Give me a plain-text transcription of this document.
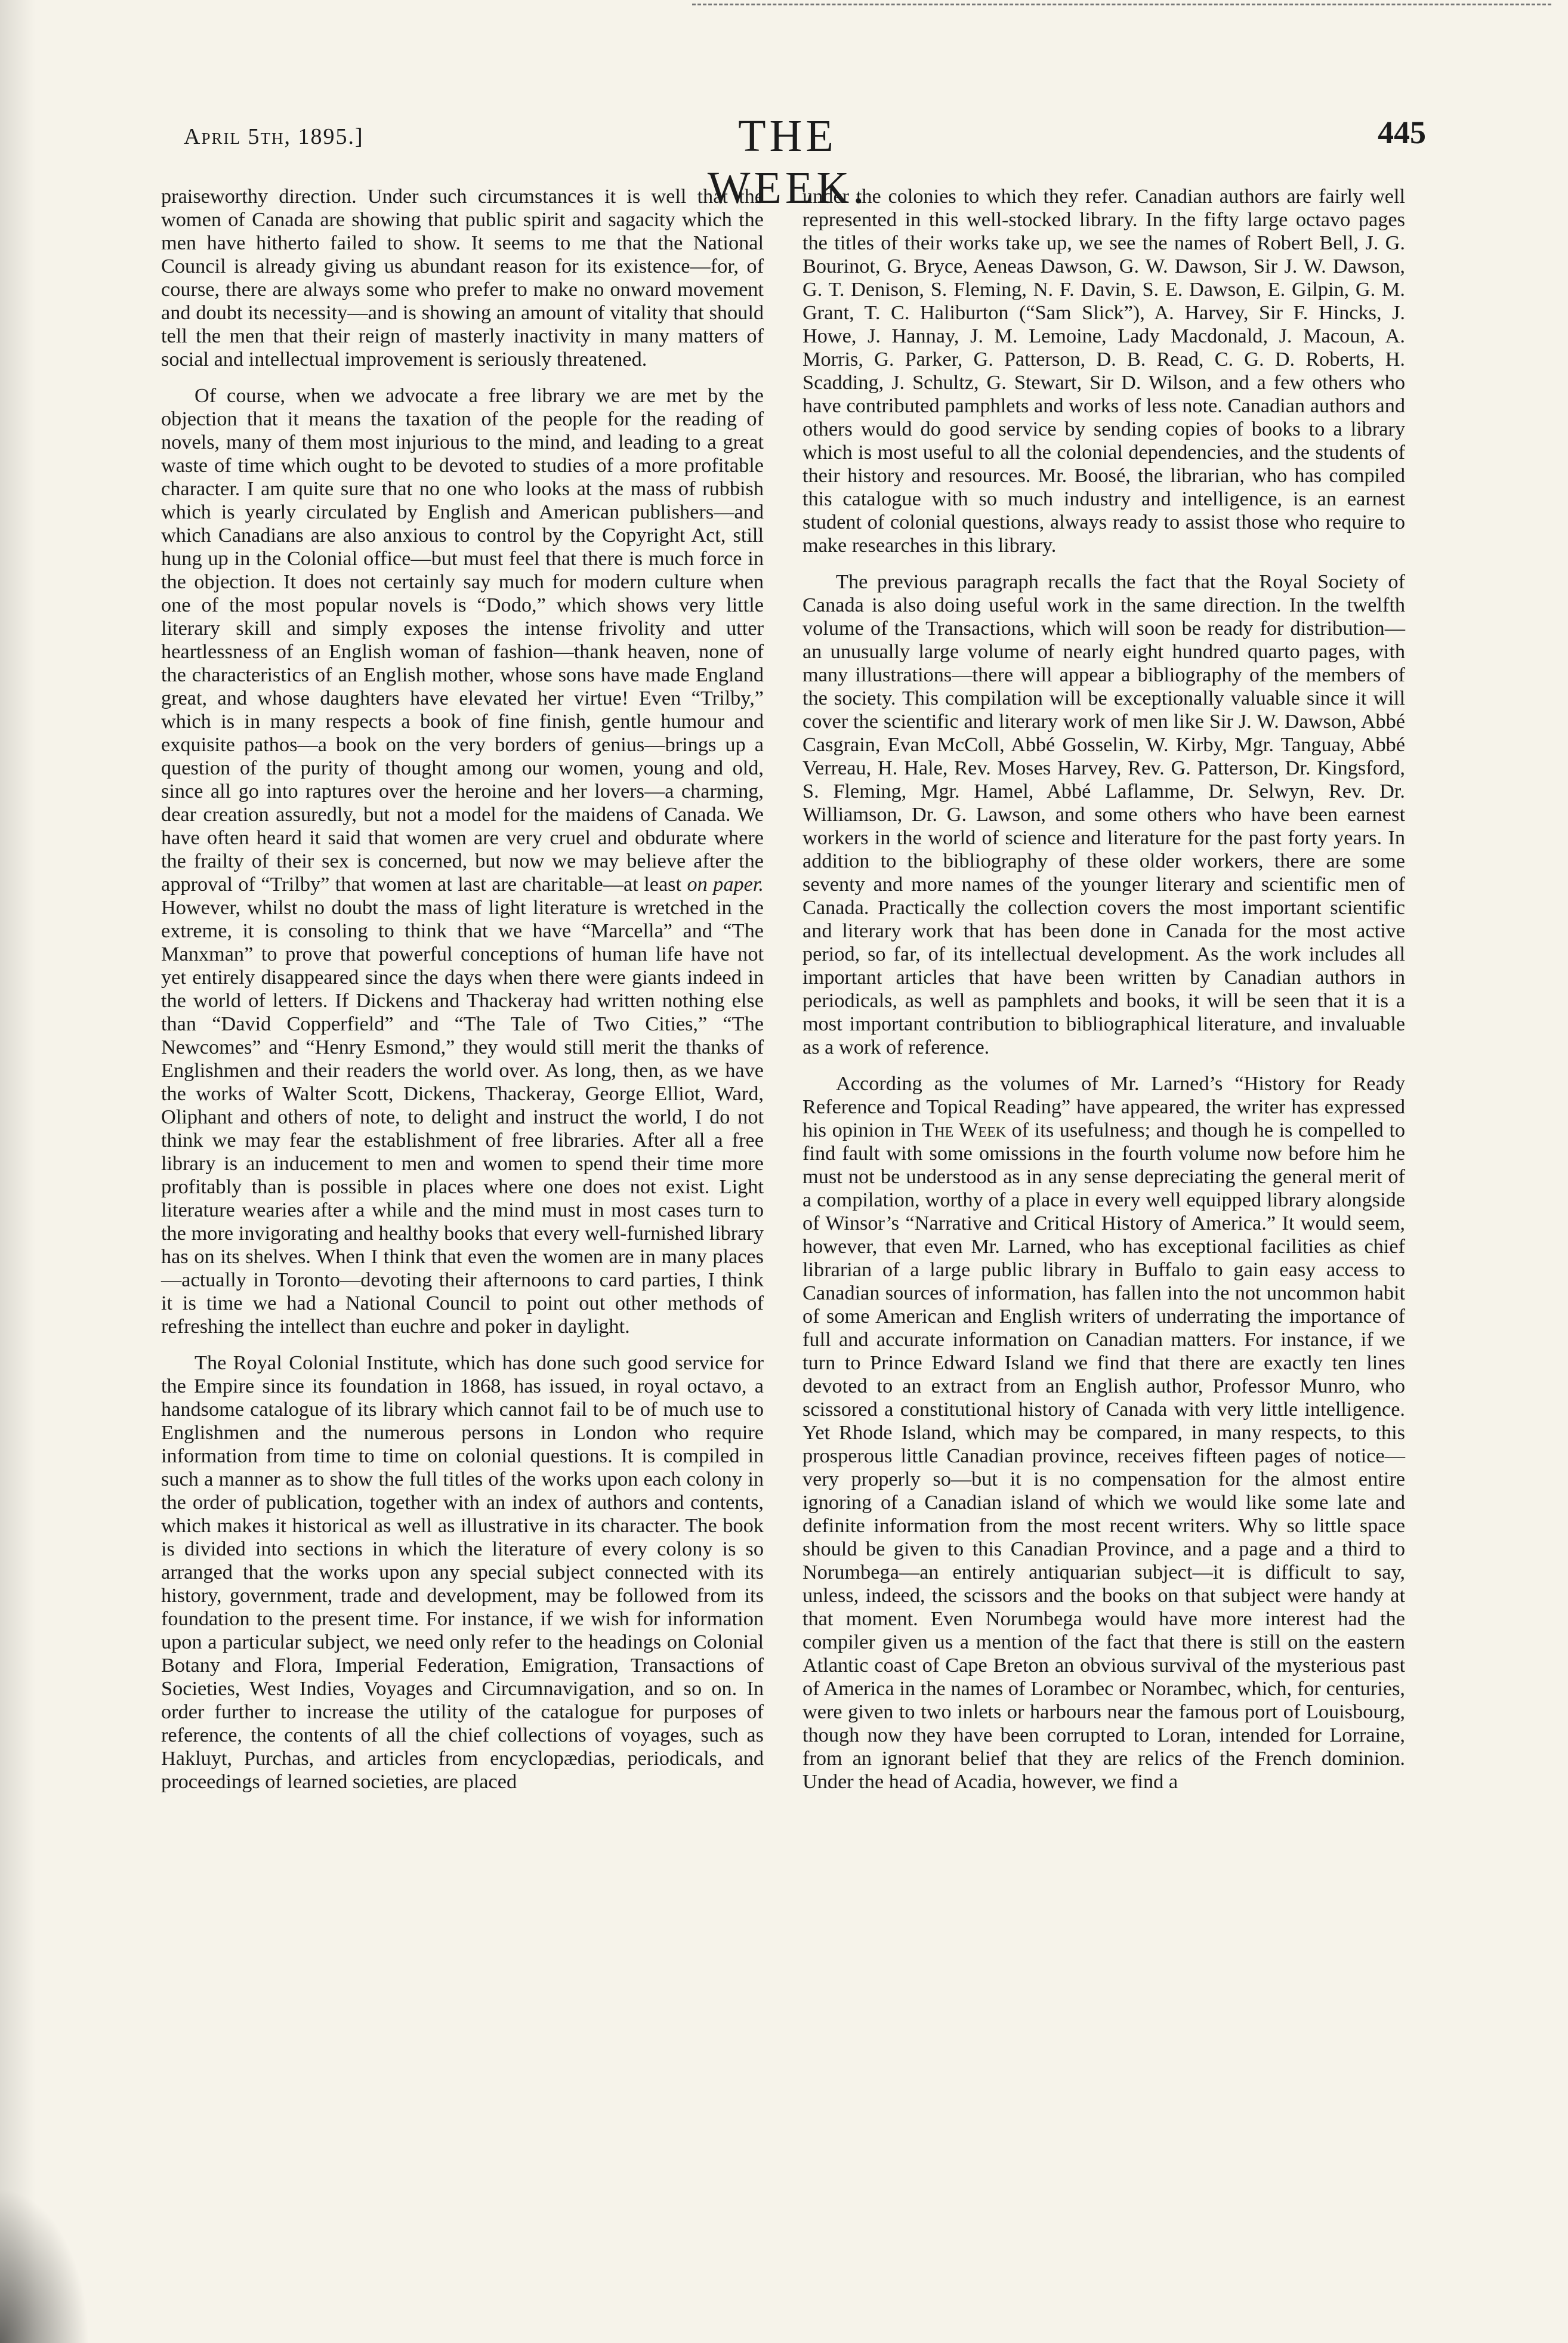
April 5th, 1895.]	THE WEEK.
445

praiseworthy direction. Under such circumstances it is well that the women of Canada are showing that public spirit and sagacity which the men have hitherto failed to show. It seems to me that the National Council is already giving us abundant reason for its existence—for, of course, there are always some who prefer to make no onward movement and doubt its necessity—and is showing an amount of vitality that should tell the men that their reign of masterly inactivity in many matters of social and intellectual improvement is seriously threatened.

Of course, when we advocate a free library we are met by the objection that it means the taxation of the people for the reading of novels, many of them most injurious to the mind, and leading to a great waste of time which ought to be devoted to studies of a more profitable character. I am quite sure that no one who looks at the mass of rubbish which is yearly circulated by English and American publishers—and which Canadians are also anxious to control by the Copyright Act, still hung up in the Colonial office—but must feel that there is much force in the objection. It does not certainly say much for modern culture when one of the most popular novels is “Dodo,” which shows very little literary skill and simply exposes the intense frivolity and utter heartlessness of an English woman of fashion—thank heaven, none of the characteristics of an English mother, whose sons have made England great, and whose daughters have elevated her virtue! Even “Trilby,” which is in many respects a book of fine finish, gentle humour and exquisite pathos—a book on the very borders of genius—brings up a question of the purity of thought among our women, young and old, since all go into raptures over the heroine and her lovers—a charming, dear creation assuredly, but not a model for the maidens of Canada. We have often heard it said that women are very cruel and obdurate where the frailty of their sex is concerned, but now we may believe after the approval of “Trilby” that women at last are charitable—at least on paper. However, whilst no doubt the mass of light literature is wretched in the extreme, it is consoling to think that we have “Marcella” and “The Manxman” to prove that powerful conceptions of human life have not yet entirely disappeared since the days when there were giants indeed in the world of letters. If Dickens and Thackeray had written nothing else than “David Copperfield” and “The Tale of Two Cities,” “The Newcomes” and “Henry Esmond,” they would still merit the thanks of Englishmen and their readers the world over. As long, then, as we have the works of Walter Scott, Dickens, Thackeray, George Elliot, Ward, Oliphant and others of note, to delight and instruct the world, I do not think we may fear the establishment of free libraries. After all a free library is an inducement to men and women to spend their time more profitably than is possible in places where one does not exist. Light literature wearies after a while and the mind must in most cases turn to the more invigorating and healthy books that every well-furnished library has on its shelves. When I think that even the women are in many places—actually in Toronto—devoting their afternoons to card parties, I think it is time we had a National Council to point out other methods of refreshing the intellect than euchre and poker in daylight.

The Royal Colonial Institute, which has done such good service for the Empire since its foundation in 1868, has issued, in royal octavo, a handsome catalogue of its library which cannot fail to be of much use to Englishmen and the numerous persons in London who require information from time to time on colonial questions. It is compiled in such a manner as to show the full titles of the works upon each colony in the order of publication, together with an index of authors and contents, which makes it historical as well as illustrative in its character. The book is divided into sections in which the literature of every colony is so arranged that the works upon any special subject connected with its history, government, trade and development, may be followed from its foundation to the present time. For instance, if we wish for information upon a particular subject, we need only refer to the headings on Colonial Botany and Flora, Imperial Federation, Emigration, Transactions of Societies, West Indies, Voyages and Circumnavigation, and so on. In order further to increase the utility of the catalogue for purposes of reference, the contents of all the chief collections of voyages, such as Hakluyt, Purchas, and articles from encyclopædias, periodicals, and proceedings of learned societies, are placed

under the colonies to which they refer. Canadian authors are fairly well represented in this well-stocked library. In the fifty large octavo pages the titles of their works take up, we see the names of Robert Bell, J. G. Bourinot, G. Bryce, Aeneas Dawson, G. W. Dawson, Sir J. W. Dawson, G. T. Denison, S. Fleming, N. F. Davin, S. E. Dawson, E. Gilpin, G. M. Grant, T. C. Haliburton (“Sam Slick”), A. Harvey, Sir F. Hincks, J. Howe, J. Hannay, J. M. Lemoine, Lady Macdonald, J. Macoun, A. Morris, G. Parker, G. Patterson, D. B. Read, C. G. D. Roberts, H. Scadding, J. Schultz, G. Stewart, Sir D. Wilson, and a few others who have contributed pamphlets and works of less note. Canadian authors and others would do good service by sending copies of books to a library which is most useful to all the colonial dependencies, and the students of their history and resources. Mr. Boosé, the librarian, who has compiled this catalogue with so much industry and intelligence, is an earnest student of colonial questions, always ready to assist those who require to make researches in this library.

The previous paragraph recalls the fact that the Royal Society of Canada is also doing useful work in the same direction. In the twelfth volume of the Transactions, which will soon be ready for distribution—an unusually large volume of nearly eight hundred quarto pages, with many illustrations—there will appear a bibliography of the members of the society. This compilation will be exceptionally valuable since it will cover the scientific and literary work of men like Sir J. W. Dawson, Abbé Casgrain, Evan McColl, Abbé Gosselin, W. Kirby, Mgr. Tanguay, Abbé Verreau, H. Hale, Rev. Moses Harvey, Rev. G. Patterson, Dr. Kingsford, S. Fleming, Mgr. Hamel, Abbé Laflamme, Dr. Selwyn, Rev. Dr. Williamson, Dr. G. Lawson, and some others who have been earnest workers in the world of science and literature for the past forty years. In addition to the bibliography of these older workers, there are some seventy and more names of the younger literary and scientific men of Canada. Practically the collection covers the most important scientific and literary work that has been done in Canada for the most active period, so far, of its intellectual development. As the work includes all important articles that have been written by Canadian authors in periodicals, as well as pamphlets and books, it will be seen that it is a most important contribution to bibliographical literature, and invaluable as a work of reference.

According as the volumes of Mr. Larned’s “History for Ready Reference and Topical Reading” have appeared, the writer has expressed his opinion in The Week of its usefulness; and though he is compelled to find fault with some omissions in the fourth volume now before him he must not be understood as in any sense depreciating the general merit of a compilation, worthy of a place in every well equipped library alongside of Winsor’s “Narrative and Critical History of America.” It would seem, however, that even Mr. Larned, who has exceptional facilities as chief librarian of a large public library in Buffalo to gain easy access to Canadian sources of information, has fallen into the not uncommon habit of some American and English writers of underrating the importance of full and accurate information on Canadian matters. For instance, if we turn to Prince Edward Island we find that there are exactly ten lines devoted to an extract from an English author, Professor Munro, who scissored a constitutional history of Canada with very little intelligence. Yet Rhode Island, which may be compared, in many respects, to this prosperous little Canadian province, receives fifteen pages of notice—very properly so—but it is no compensation for the almost entire ignoring of a Canadian island of which we would like some late and definite information from the most recent writers. Why so little space should be given to this Canadian Province, and a page and a third to Norumbega—an entirely antiquarian subject—it is difficult to say, unless, indeed, the scissors and the books on that subject were handy at that moment. Even Norumbega would have more interest had the compiler given us a mention of the fact that there is still on the eastern Atlantic coast of Cape Breton an obvious survival of the mysterious past of America in the names of Lorambec or Norambec, which, for centuries, were given to two inlets or harbours near the famous port of Louisbourg, though now they have been corrupted to Loran, intended for Lorraine, from an ignorant belief that they are relics of the French dominion. Under the head of Acadia, however, we find a
